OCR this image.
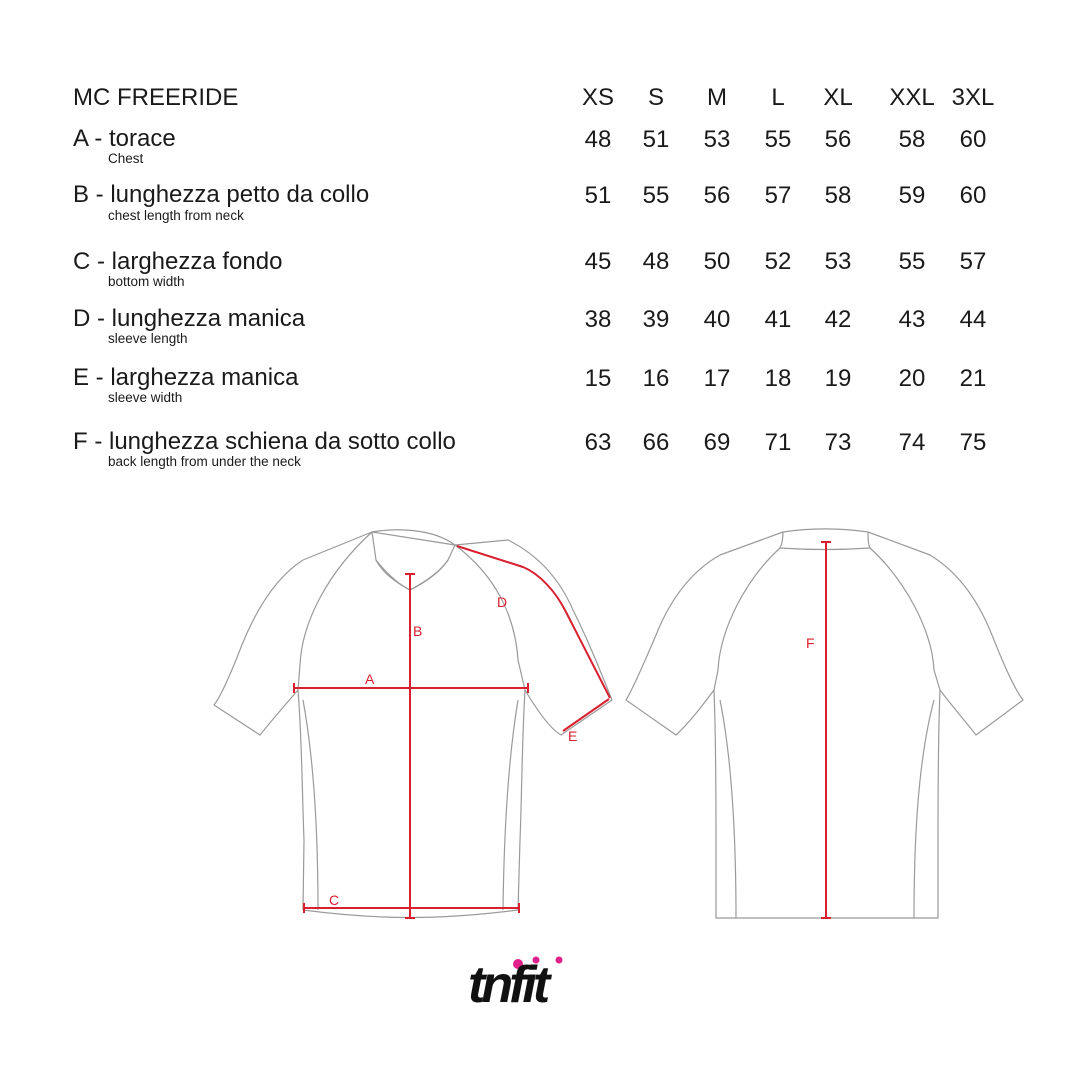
MC FREERIDE	XS	S	M	L	XL	XXL 3XL
A - torace
Chest
48	51	53	55	56	58	60
B - lunghezza petto da collo
chest length from neck
51	55	56	57	58	59	60
C - larghezza fondo
bottom width
45	48	50	52	53	55	57
D - lunghezza manica
sleeve length
38	39	40	41	42	43	44
E - larghezza manica
sleeve width
15	16	17	18	19	20	21
F - lunghezza schiena da sotto collo
back length from under the neck
63	66	69	71	73	74	75
A
B
C
D
E
F
tnfit
